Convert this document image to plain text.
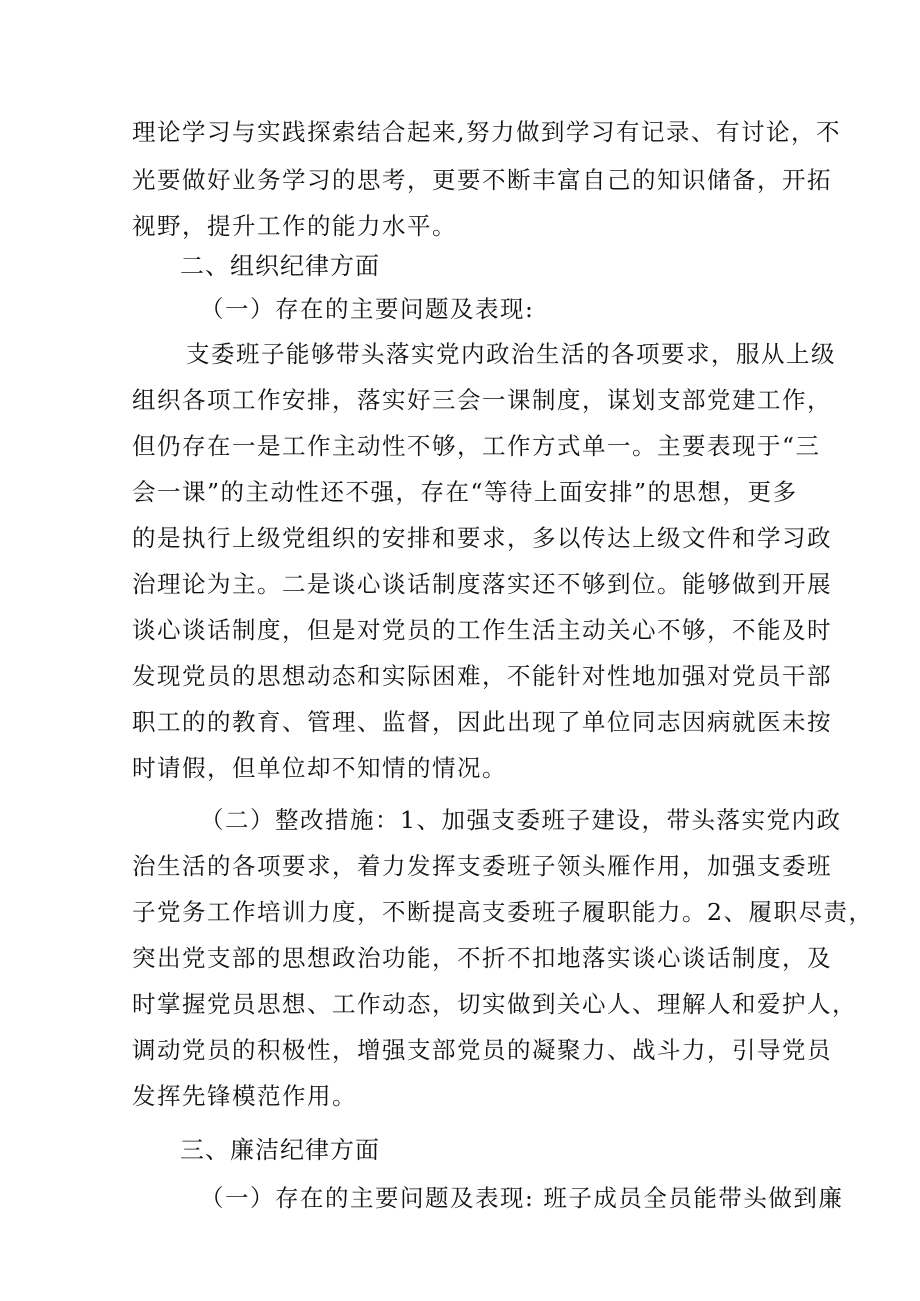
理论学习与实践探索结合起来,努力做到学习有记录、有讨论，不

光要做好业务学习的思考，更要不断丰富自己的知识储备，开拓

视野，提升工作的能力水平。

二、组织纪律方面

（一）存在的主要问题及表现:

支委班子能够带头落实党内政治生活的各项要求，服从上级

组织各项工作安排，落实好三会一课制度，谋划支部党建工作，

但仍存在一是工作主动性不够，工作方式单一。主要表现于“三

会一课”的主动性还不强，存在“等待上面安排”的思想，更多

的是执行上级党组织的安排和要求，多以传达上级文件和学习政

治理论为主。二是谈心谈话制度落实还不够到位。能够做到开展

谈心谈话制度，但是对党员的工作生活主动关心不够，不能及时

发现党员的思想动态和实际困难，不能针对性地加强对党员干部

职工的的教育、管理、监督，因此出现了单位同志因病就医未按

时请假，但单位却不知情的情况。

（二）整改措施：1、加强支委班子建设，带头落实党内政

治生活的各项要求，着力发挥支委班子领头雁作用，加强支委班

子党务工作培训力度，不断提高支委班子履职能力。2、履职尽责，

突出党支部的思想政治功能，不折不扣地落实谈心谈话制度，及

时掌握党员思想、工作动态，切实做到关心人、理解人和爱护人，

调动党员的积极性，增强支部党员的凝聚力、战斗力，引导党员

发挥先锋模范作用。

三、廉洁纪律方面

（一）存在的主要问题及表现: 班子成员全员能带头做到廉
